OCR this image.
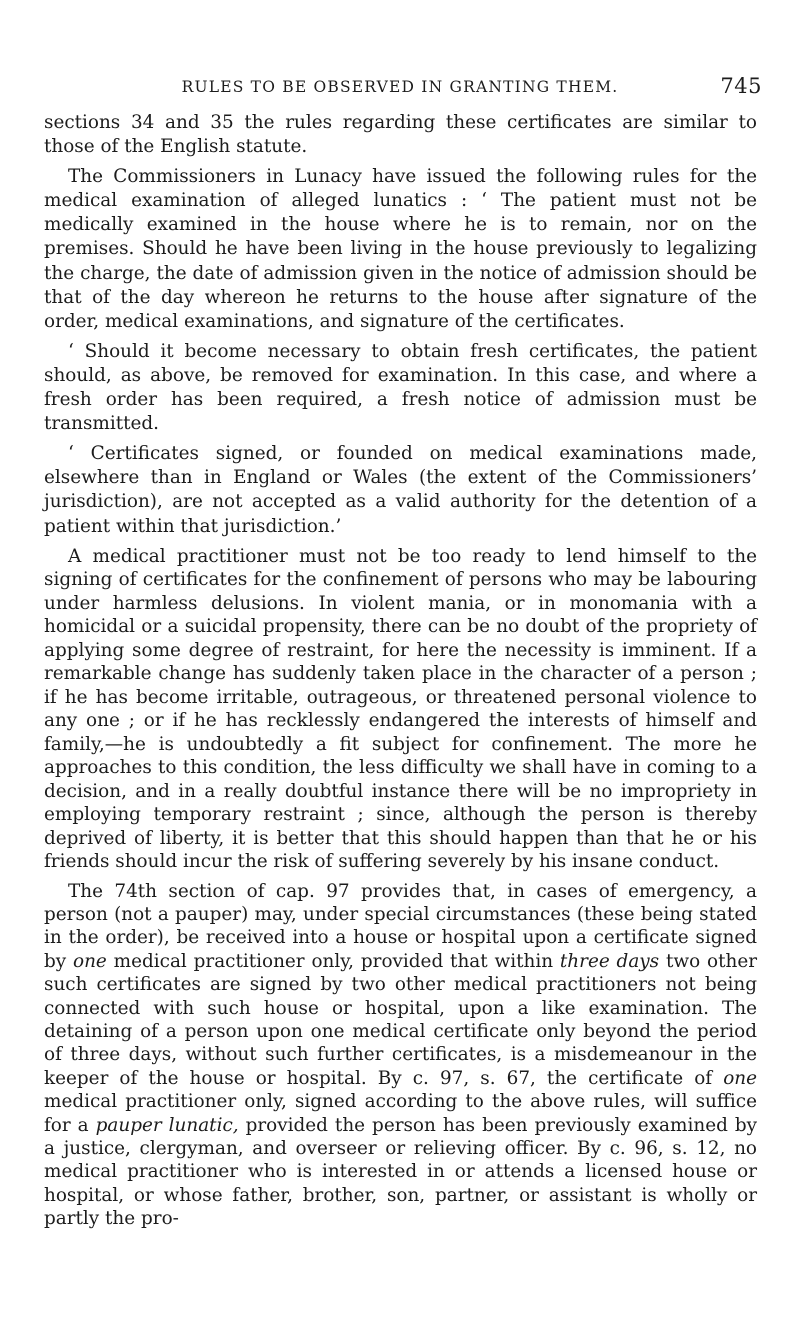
RULES TO BE OBSERVED IN GRANTING THEM.	745

sections 34 and 35 the rules regarding these certificates are similar to those of the English statute.

The Commissioners in Lunacy have issued the following rules for the medical examination of alleged lunatics : ‘ The patient must not be medically examined in the house where he is to remain, nor on the premises. Should he have been living in the house previously to legalizing the charge, the date of admission given in the notice of admission should be that of the day whereon he returns to the house after signature of the order, medical examinations, and signature of the certificates.

‘ Should it become necessary to obtain fresh certificates, the patient should, as above, be removed for examination. In this case, and where a fresh order has been required, a fresh notice of admission must be transmitted.

‘ Certificates signed, or founded on medical examinations made, elsewhere than in England or Wales (the extent of the Commissioners’ jurisdiction), are not accepted as a valid authority for the detention of a patient within that jurisdiction.’

A medical practitioner must not be too ready to lend himself to the signing of certificates for the confinement of persons who may be labouring under harmless delusions. In violent mania, or in monomania with a homicidal or a suicidal propensity, there can be no doubt of the propriety of applying some degree of restraint, for here the necessity is imminent. If a remarkable change has suddenly taken place in the character of a person ; if he has become irritable, outrageous, or threatened personal violence to any one ; or if he has recklessly endangered the interests of himself and family,—he is undoubtedly a fit subject for confinement. The more he approaches to this condition, the less difficulty we shall have in coming to a decision, and in a really doubtful instance there will be no impropriety in employing temporary restraint ; since, although the person is thereby deprived of liberty, it is better that this should happen than that he or his friends should incur the risk of suffering severely by his insane conduct.

The 74th section of cap. 97 provides that, in cases of emergency, a person (not a pauper) may, under special circumstances (these being stated in the order), be received into a house or hospital upon a certificate signed by one medical practitioner only, provided that within three days two other such certificates are signed by two other medical practitioners not being connected with such house or hospital, upon a like examination. The detaining of a person upon one medical certificate only beyond the period of three days, without such further certificates, is a misdemeanour in the keeper of the house or hospital. By c. 97, s. 67, the certificate of one medical practitioner only, signed according to the above rules, will suffice for a pauper lunatic, provided the person has been previously examined by a justice, clergyman, and overseer or relieving officer. By c. 96, s. 12, no medical practitioner who is interested in or attends a licensed house or hospital, or whose father, brother, son, partner, or assistant is wholly or partly the pro-
